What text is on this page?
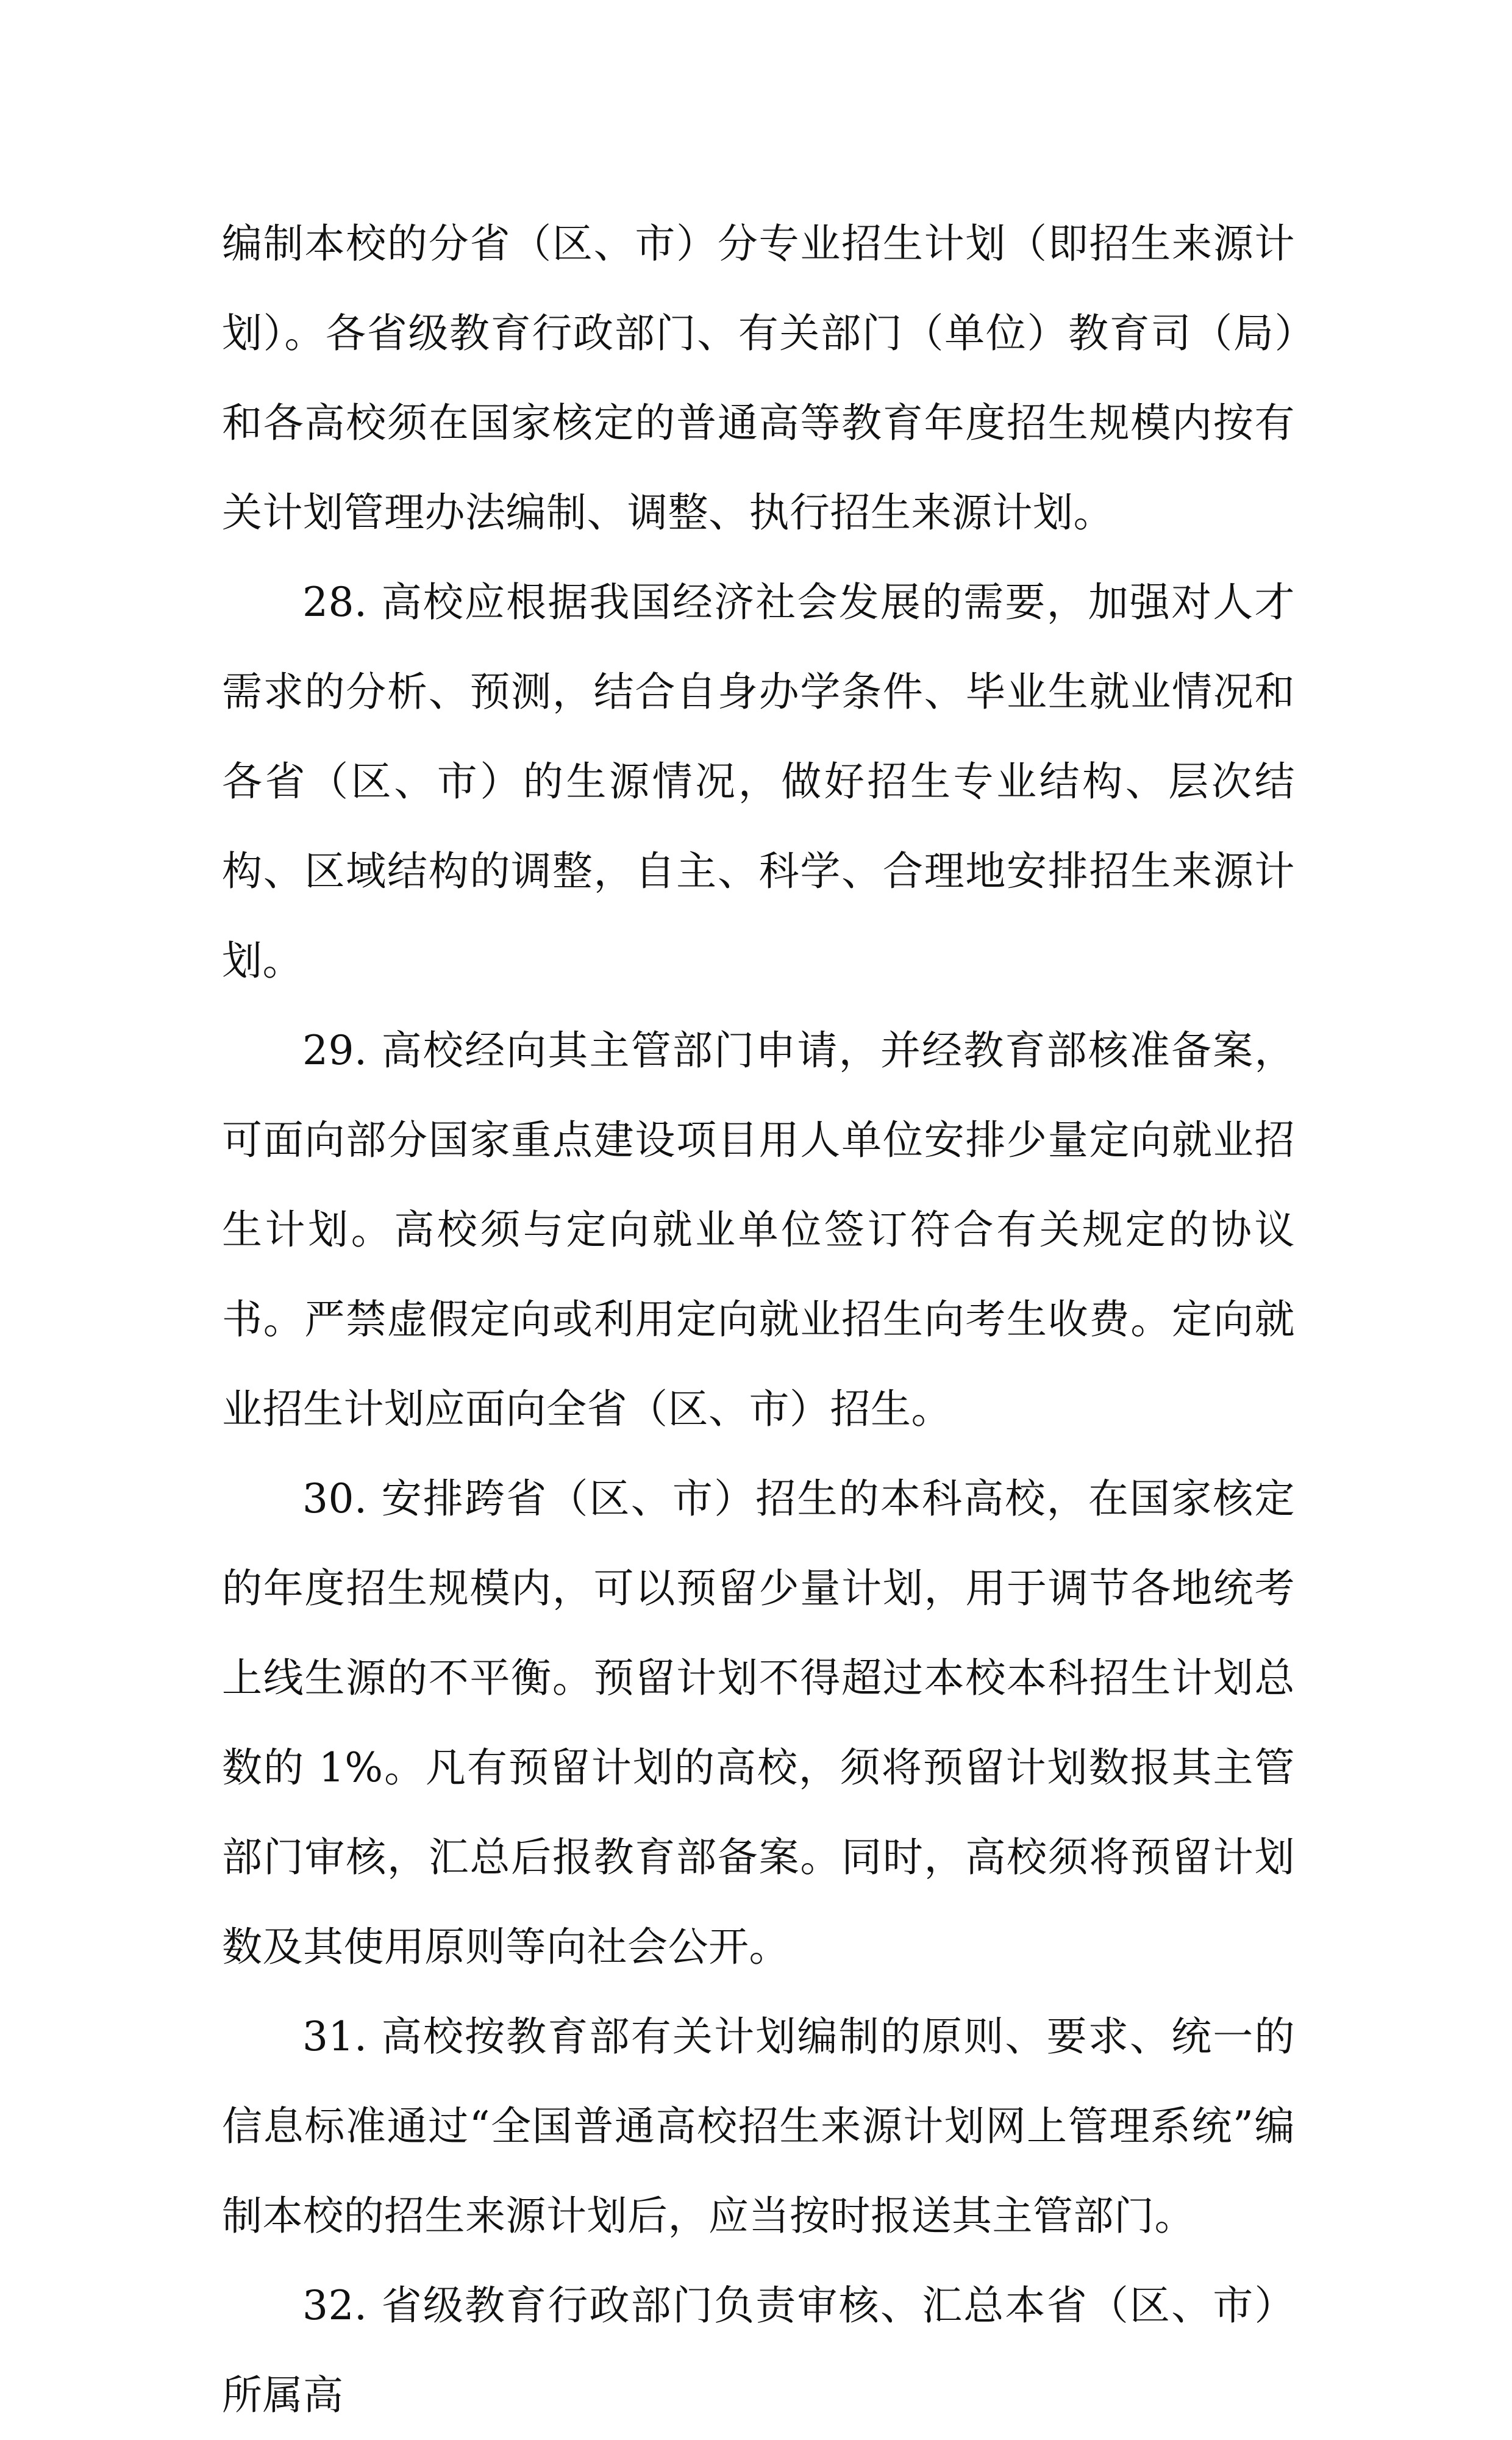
编制本校的分省（区、市）分专业招生计划（即招生来源计划）。各省级教育行政部门、有关部门（单位）教育司（局）和各高校须在国家核定的普通高等教育年度招生规模内按有关计划管理办法编制、调整、执行招生来源计划。

28. 高校应根据我国经济社会发展的需要，加强对人才需求的分析、预测，结合自身办学条件、毕业生就业情况和各省（区、市）的生源情况，做好招生专业结构、层次结构、区域结构的调整，自主、科学、合理地安排招生来源计划。

29. 高校经向其主管部门申请，并经教育部核准备案，可面向部分国家重点建设项目用人单位安排少量定向就业招生计划。高校须与定向就业单位签订符合有关规定的协议书。严禁虚假定向或利用定向就业招生向考生收费。定向就业招生计划应面向全省（区、市）招生。

30. 安排跨省（区、市）招生的本科高校，在国家核定的年度招生规模内，可以预留少量计划，用于调节各地统考上线生源的不平衡。预留计划不得超过本校本科招生计划总数的 1%。凡有预留计划的高校，须将预留计划数报其主管部门审核，汇总后报教育部备案。同时，高校须将预留计划数及其使用原则等向社会公开。

31. 高校按教育部有关计划编制的原则、要求、统一的信息标准通过“全国普通高校招生来源计划网上管理系统”编制本校的招生来源计划后，应当按时报送其主管部门。

32. 省级教育行政部门负责审核、汇总本省（区、市）所属高
